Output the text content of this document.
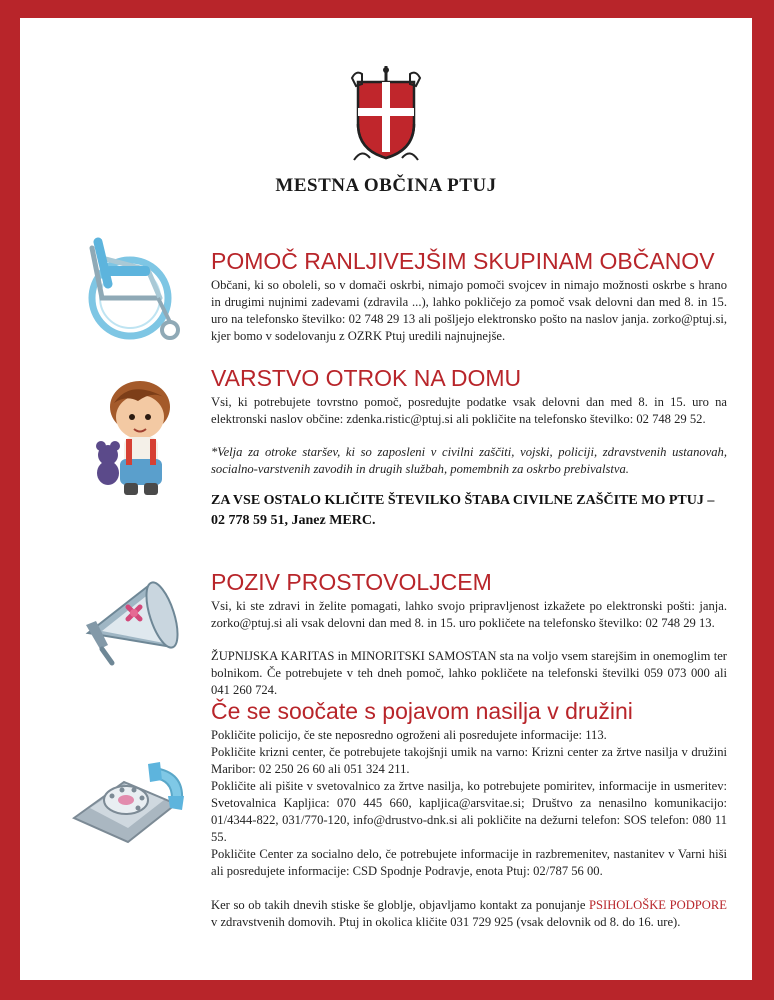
MESTNA OBČINA PTUJ
POMOČ RANLJIVEJŠIM SKUPINAM OBČANOV

Občani, ki so oboleli, so v domači oskrbi, nimajo pomoči svojcev in nimajo možnosti oskrbe s hrano in drugimi nujnimi zadevami (zdravila ...), lahko pokličejo za pomoč vsak delovni dan med 8. in 15. uro na telefonsko številko: 02 748 29 13 ali pošljejo elektronsko pošto na naslov janja. zorko@ptuj.si, kjer bomo v sodelovanju z OZRK Ptuj uredili najnujnejše.

VARSTVO OTROK NA DOMU

Vsi, ki potrebujete tovrstno pomoč, posredujte podatke vsak delovni dan med 8. in 15. uro na elektronski naslov občine: zdenka.ristic@ptuj.si ali pokličite na telefonsko številko: 02 748 29 52.

*Velja za otroke staršev, ki so zaposleni v civilni zaščiti, vojski, policiji, zdravstvenih ustanovah, socialno-varstvenih zavodih in drugih službah, pomembnih za oskrbo prebivalstva.

ZA VSE OSTALO KLIČITE ŠTEVILKO ŠTABA CIVILNE ZAŠČITE MO PTUJ – 02 778 59 51, Janez MERC.

POZIV PROSTOVOLJCEM

Vsi, ki ste zdravi in želite pomagati, lahko svojo pripravljenost izkažete po elektronski pošti: janja. zorko@ptuj.si ali vsak delovni dan med 8. in 15. uro pokličete na telefonsko številko: 02 748 29 13.

ŽUPNIJSKA KARITAS in MINORITSKI SAMOSTAN sta na voljo vsem starejšim in onemoglim ter bolnikom. Če potrebujete v teh dneh pomoč, lahko pokličete na telefonski številki 059 073 000 ali 041 260 724.

Če se soočate s pojavom nasilja v družini

Pokličite policijo, če ste neposredno ogroženi ali posredujete informacije: 113.

Pokličite krizni center, če potrebujete takojšnji umik na varno: Krizni center za žrtve nasilja v družini Maribor: 02 250 26 60 ali 051 324 211.

Pokličite ali pišite v svetovalnico za žrtve nasilja, ko potrebujete pomiritev, informacije in usmeritev: Svetovalnica Kapljica: 070 445 660, kapljica@arsvitae.si; Društvo za nenasilno komunikacijo: 01/4344-822, 031/770-120, info@drustvo-dnk.si ali pokličite na dežurni telefon: SOS telefon: 080 11 55.

Pokličite Center za socialno delo, če potrebujete informacije in razbremenitev, nastanitev v Varni hiši ali posredujete informacije: CSD Spodnje Podravje, enota Ptuj: 02/787 56 00.

Ker so ob takih dnevih stiske še globlje, objavljamo kontakt za ponujanje PSIHOLOŠKE PODPORE v zdravstvenih domovih. Ptuj in okolica kličite 031 729 925 (vsak delovnik od 8. do 16. ure).
